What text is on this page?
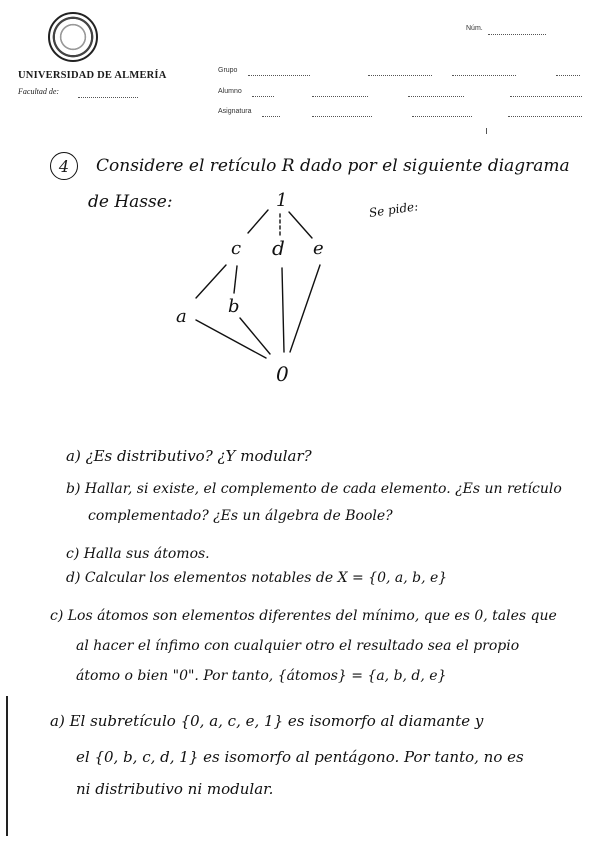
UNIVERSIDAD DE ALMERÍA
Facultad de:
Núm.
Grupo
Alumno
Asignatura
4	Considere el retículo R dado por el siguiente diagrama
de Hasse:	Se pide:
1
c d e
a b
0
a) ¿Es distributivo? ¿Y modular?
b) Hallar, si existe, el complemento de cada elemento. ¿Es un retículo
complementado? ¿Es un álgebra de Boole?
c) Halla sus átomos.
d) Calcular los elementos notables de X = {0, a, b, e}
c) Los átomos son elementos diferentes del mínimo, que es 0, tales que
al hacer el ínfimo con cualquier otro el resultado sea el propio
átomo o bien "0". Por tanto, {átomos} = {a, b, d, e}
a) El subretículo {0, a, c, e, 1} es isomorfo al diamante y
el {0, b, c, d, 1} es isomorfo al pentágono. Por tanto, no es
ni distributivo ni modular.
